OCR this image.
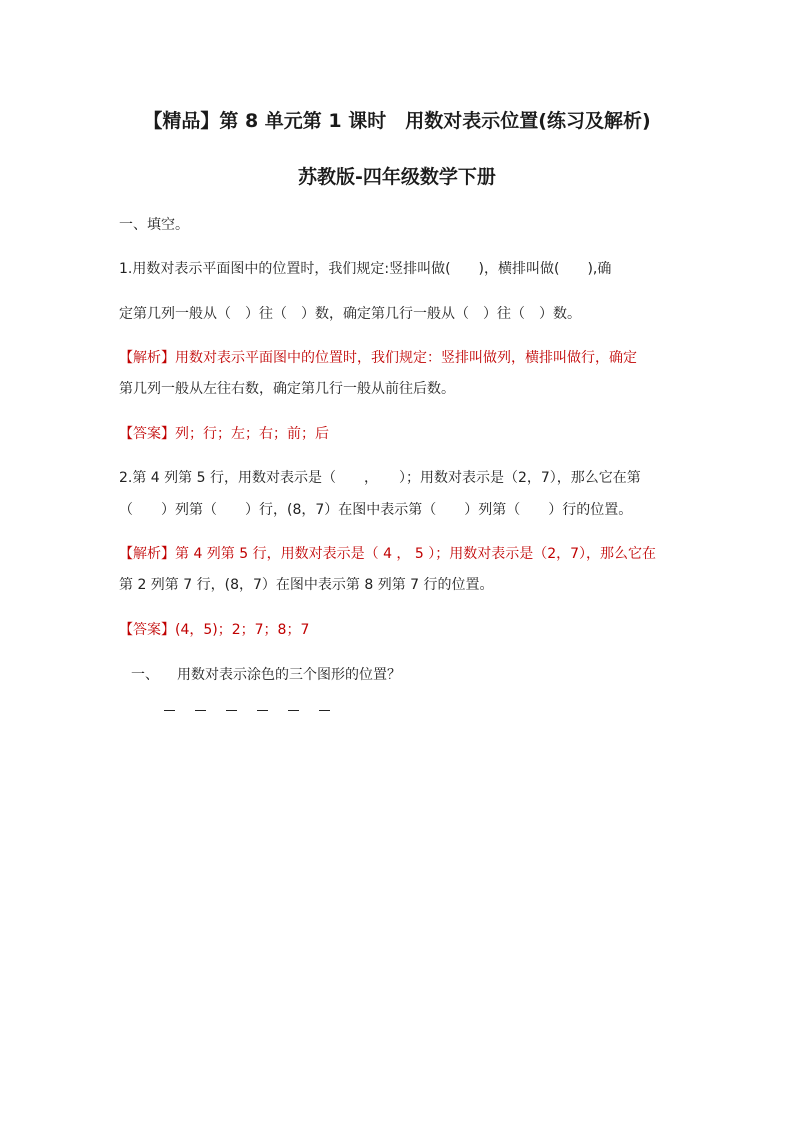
【精品】第 8 单元第 1 课时　用数对表示位置(练习及解析)
苏教版-四年级数学下册
一、填空。
1.用数对表示平面图中的位置时，我们规定:竖排叫做(　　)，横排叫做(　　),确
定第几列一般从（　）往（　）数，确定第几行一般从（　）往（　）数。
【解析】用数对表示平面图中的位置时，我们规定：竖排叫做列，横排叫做行，确定
第几列一般从左往右数，确定第几行一般从前往后数。
【答案】列；行；左；右；前；后
2.第 4 列第 5 行，用数对表示是（　　，　　）；用数对表示是（2，7），那么它在第
（　　）列第（　　）行，(8，7）在图中表示第（　　）列第（　　）行的位置。
【解析】第 4 列第 5 行，用数对表示是（ 4 ， 5 ）；用数对表示是（2，7），那么它在
第 2 列第 7 行，(8，7）在图中表示第 8 列第 7 行的位置。
【答案】(4，5)；2；7；8；7
一、 用数对表示涂色的三个图形的位置？
